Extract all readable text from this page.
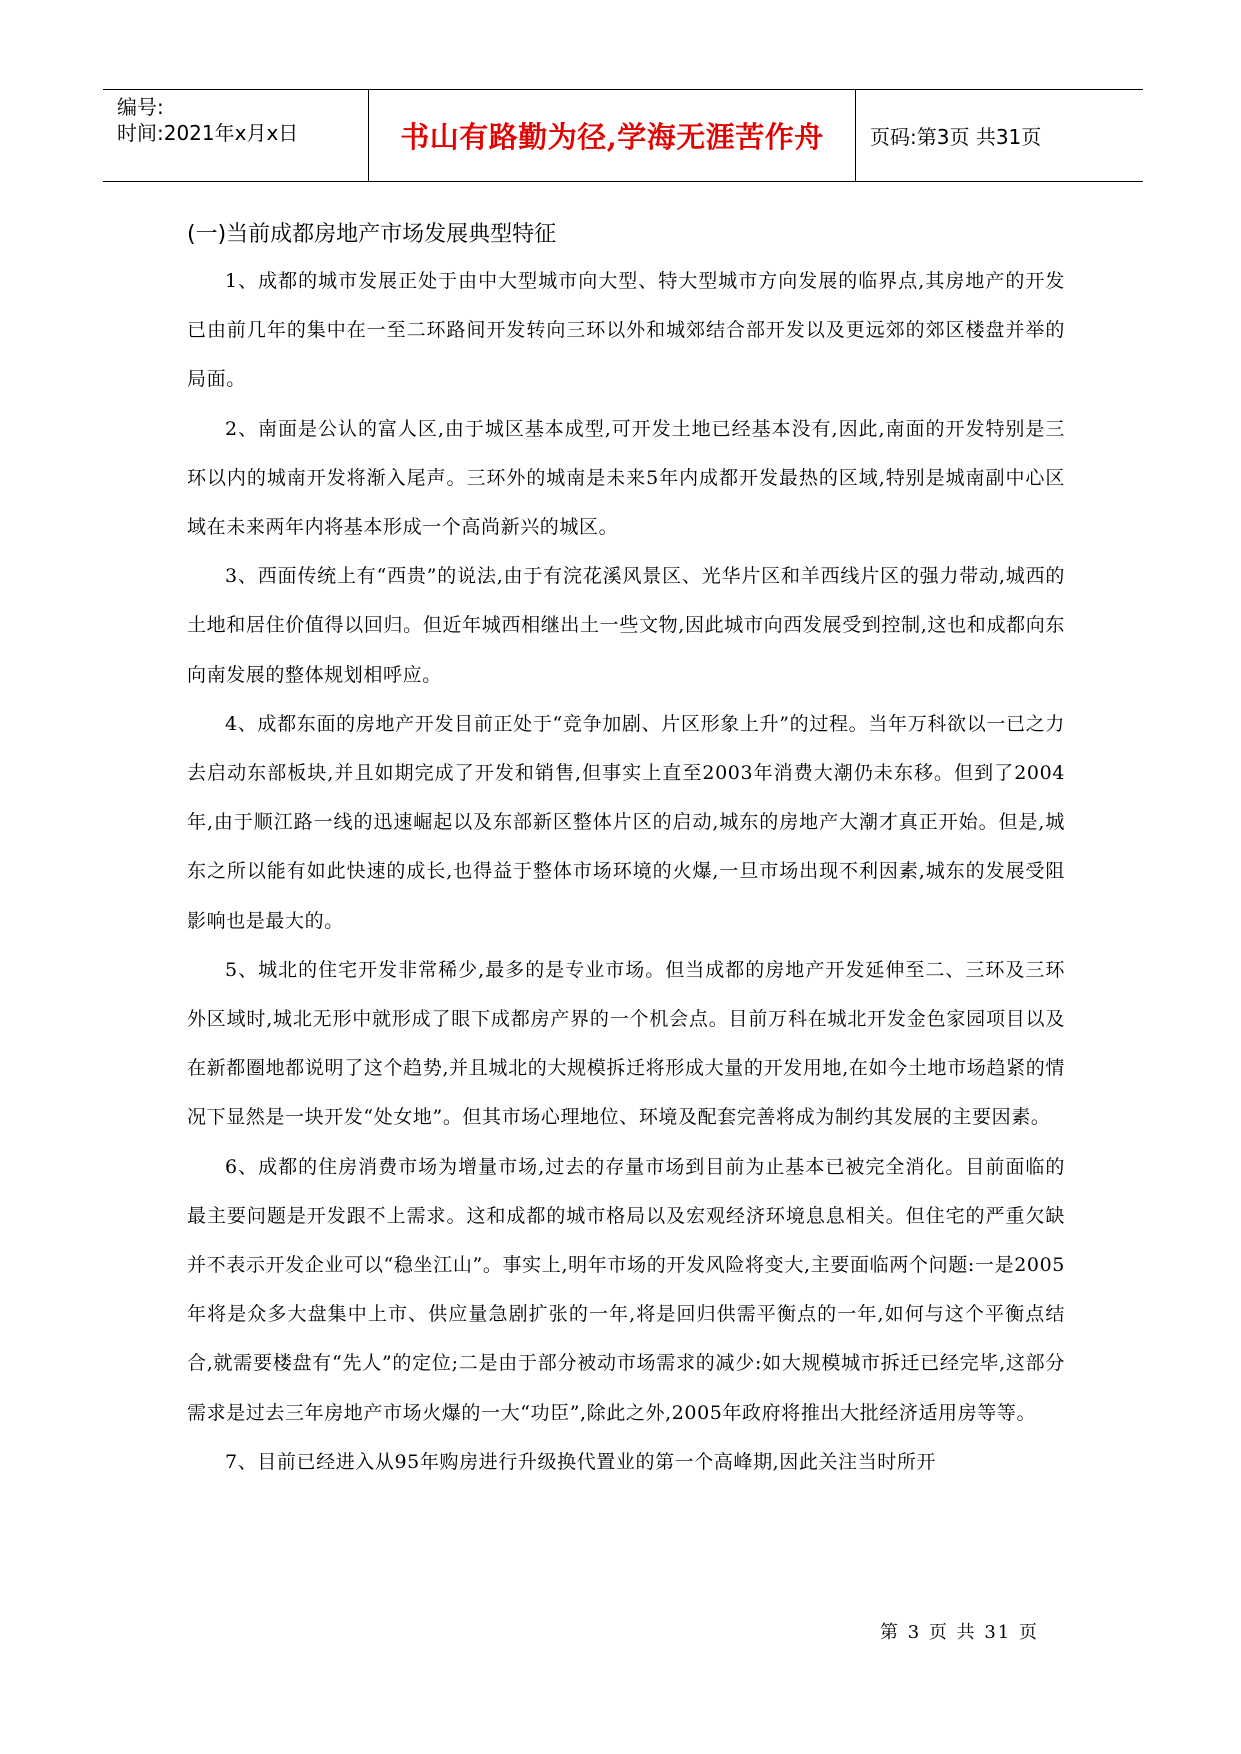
编号:
时间:2021年x月x日	书山有路勤为径,学海无涯苦作舟	页码:第3页 共31页
(一)当前成都房地产市场发展典型特征

1、成都的城市发展正处于由中大型城市向大型、特大型城市方向发展的临界点,其房地产的开发已由前几年的集中在一至二环路间开发转向三环以外和城郊结合部开发以及更远郊的郊区楼盘并举的局面。

2、南面是公认的富人区,由于城区基本成型,可开发土地已经基本没有,因此,南面的开发特别是三环以内的城南开发将渐入尾声。三环外的城南是未来5年内成都开发最热的区域,特别是城南副中心区域在未来两年内将基本形成一个高尚新兴的城区。

3、西面传统上有“西贵”的说法,由于有浣花溪风景区、光华片区和羊西线片区的强力带动,城西的土地和居住价值得以回归。但近年城西相继出土一些文物,因此城市向西发展受到控制,这也和成都向东向南发展的整体规划相呼应。

4、成都东面的房地产开发目前正处于“竞争加剧、片区形象上升”的过程。当年万科欲以一已之力去启动东部板块,并且如期完成了开发和销售,但事实上直至2003年消费大潮仍未东移。但到了2004年,由于顺江路一线的迅速崛起以及东部新区整体片区的启动,城东的房地产大潮才真正开始。但是,城东之所以能有如此快速的成长,也得益于整体市场环境的火爆,一旦市场出现不利因素,城东的发展受阻影响也是最大的。

5、城北的住宅开发非常稀少,最多的是专业市场。但当成都的房地产开发延伸至二、三环及三环外区域时,城北无形中就形成了眼下成都房产界的一个机会点。目前万科在城北开发金色家园项目以及在新都圈地都说明了这个趋势,并且城北的大规模拆迁将形成大量的开发用地,在如今土地市场趋紧的情况下显然是一块开发“处女地”。但其市场心理地位、环境及配套完善将成为制约其发展的主要因素。

6、成都的住房消费市场为增量市场,过去的存量市场到目前为止基本已被完全消化。目前面临的最主要问题是开发跟不上需求。这和成都的城市格局以及宏观经济环境息息相关。但住宅的严重欠缺并不表示开发企业可以“稳坐江山”。事实上,明年市场的开发风险将变大,主要面临两个问题:一是2005年将是众多大盘集中上市、供应量急剧扩张的一年,将是回归供需平衡点的一年,如何与这个平衡点结合,就需要楼盘有“先人”的定位;二是由于部分被动市场需求的减少:如大规模城市拆迁已经完毕,这部分需求是过去三年房地产市场火爆的一大“功臣”,除此之外,2005年政府将推出大批经济适用房等等。

7、目前已经进入从95年购房进行升级换代置业的第一个高峰期,因此关注当时所开

第 3 页 共 31 页
